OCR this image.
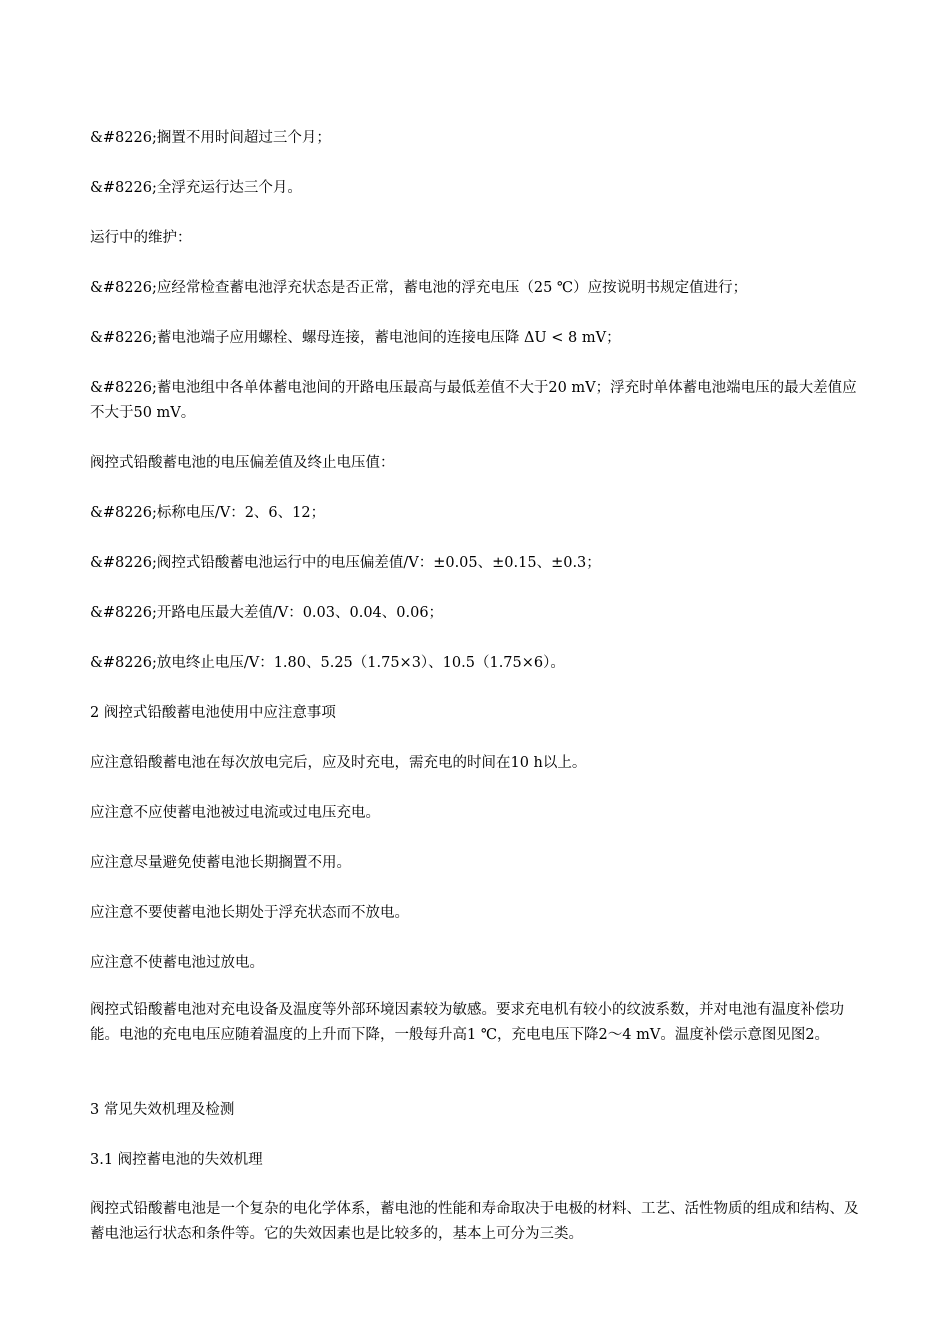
&#8226;搁置不用时间超过三个月；

&#8226;全浮充运行达三个月。

运行中的维护：

&#8226;应经常检查蓄电池浮充状态是否正常，蓄电池的浮充电压（25 ℃）应按说明书规定值进行；

&#8226;蓄电池端子应用螺栓、螺母连接，蓄电池间的连接电压降 ΔU < 8 mV；

&#8226;蓄电池组中各单体蓄电池间的开路电压最高与最低差值不大于20 mV；浮充时单体蓄电池端电压的最大差值应不大于50 mV。

阀控式铅酸蓄电池的电压偏差值及终止电压值：

&#8226;标称电压/V：2、6、12；

&#8226;阀控式铅酸蓄电池运行中的电压偏差值/V：±0.05、±0.15、±0.3；

&#8226;开路电压最大差值/V：0.03、0.04、0.06；

&#8226;放电终止电压/V：1.80、5.25（1.75×3）、10.5（1.75×6）。

2 阀控式铅酸蓄电池使用中应注意事项

应注意铅酸蓄电池在每次放电完后，应及时充电，需充电的时间在10 h以上。

应注意不应使蓄电池被过电流或过电压充电。

应注意尽量避免使蓄电池长期搁置不用。

应注意不要使蓄电池长期处于浮充状态而不放电。

应注意不使蓄电池过放电。

阀控式铅酸蓄电池对充电设备及温度等外部环境因素较为敏感。要求充电机有较小的纹波系数，并对电池有温度补偿功能。电池的充电电压应随着温度的上升而下降，一般每升高1 ℃，充电电压下降2～4 mV。温度补偿示意图见图2。

3 常见失效机理及检测

3.1 阀控蓄电池的失效机理

阀控式铅酸蓄电池是一个复杂的电化学体系，蓄电池的性能和寿命取决于电极的材料、工艺、活性物质的组成和结构、及蓄电池运行状态和条件等。它的失效因素也是比较多的，基本上可分为三类。
